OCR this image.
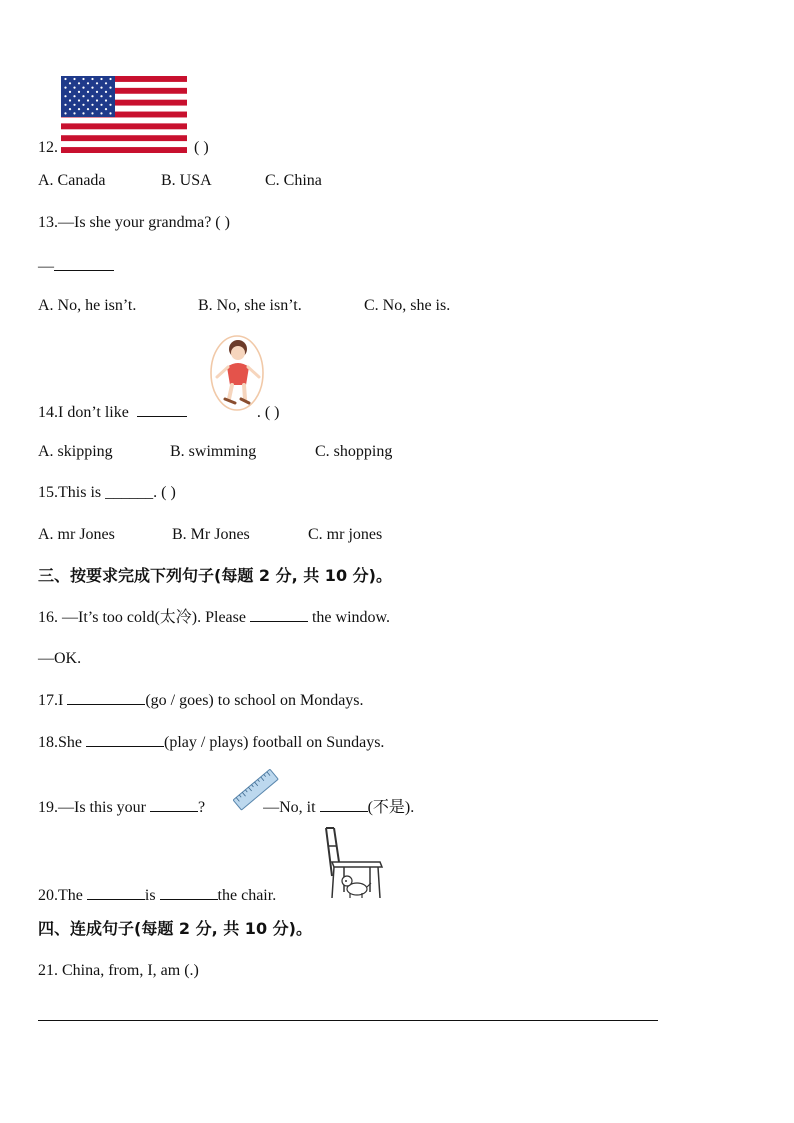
12.	( )
A. Canada	B. USA	C. China
13.—Is she your grandma? ( )
—
A. No, he isn’t.	B. No, she isn’t.	C. No, she is.
14.I don’t like	. ( )
A. skipping	B. swimming	C. shopping
15.This is ______. ( )
A. mr Jones	B. Mr Jones	C. mr jones
三、按要求完成下列句子(每题 2 分, 共 10 分)。
16. —It’s too cold(太冷). Please	the window.
—OK.
17.I	(go / goes) to school on Mondays.
18.She	(play / plays) football on Sundays.
19.—Is this your	?	—No, it	(不是).
20.The	is	the chair.
四、连成句子(每题 2 分, 共 10 分)。
21. China, from, I, am (.)
